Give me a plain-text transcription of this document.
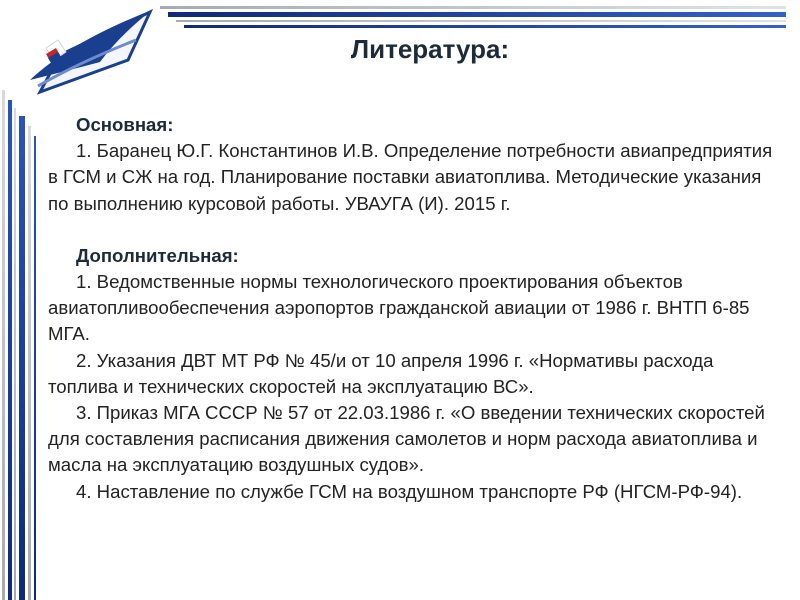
Литература:

Основная:

1. Баранец Ю.Г. Константинов И.В. Определение потребности авиапредприятия в ГСМ и СЖ на год. Планирование поставки авиатоплива. Методические указания по выполнению курсовой работы. УВАУГА (И). 2015 г.

Дополнительная:

1. Ведомственные нормы технологического проектирования объектов авиатопливообеспечения аэропортов гражданской авиации от 1986 г. ВНТП 6-85 МГА.

2. Указания ДВТ МТ РФ № 45/и от 10 апреля 1996 г. «Нормативы расхода топлива и технических скоростей на эксплуатацию ВС».

3. Приказ МГА СССР № 57 от 22.03.1986 г. «О введении технических скоростей для составления расписания движения самолетов и норм расхода авиатоплива и масла на эксплуатацию воздушных судов».

4. Наставление по службе ГСМ на воздушном транспорте РФ (НГСМ-РФ-94).
